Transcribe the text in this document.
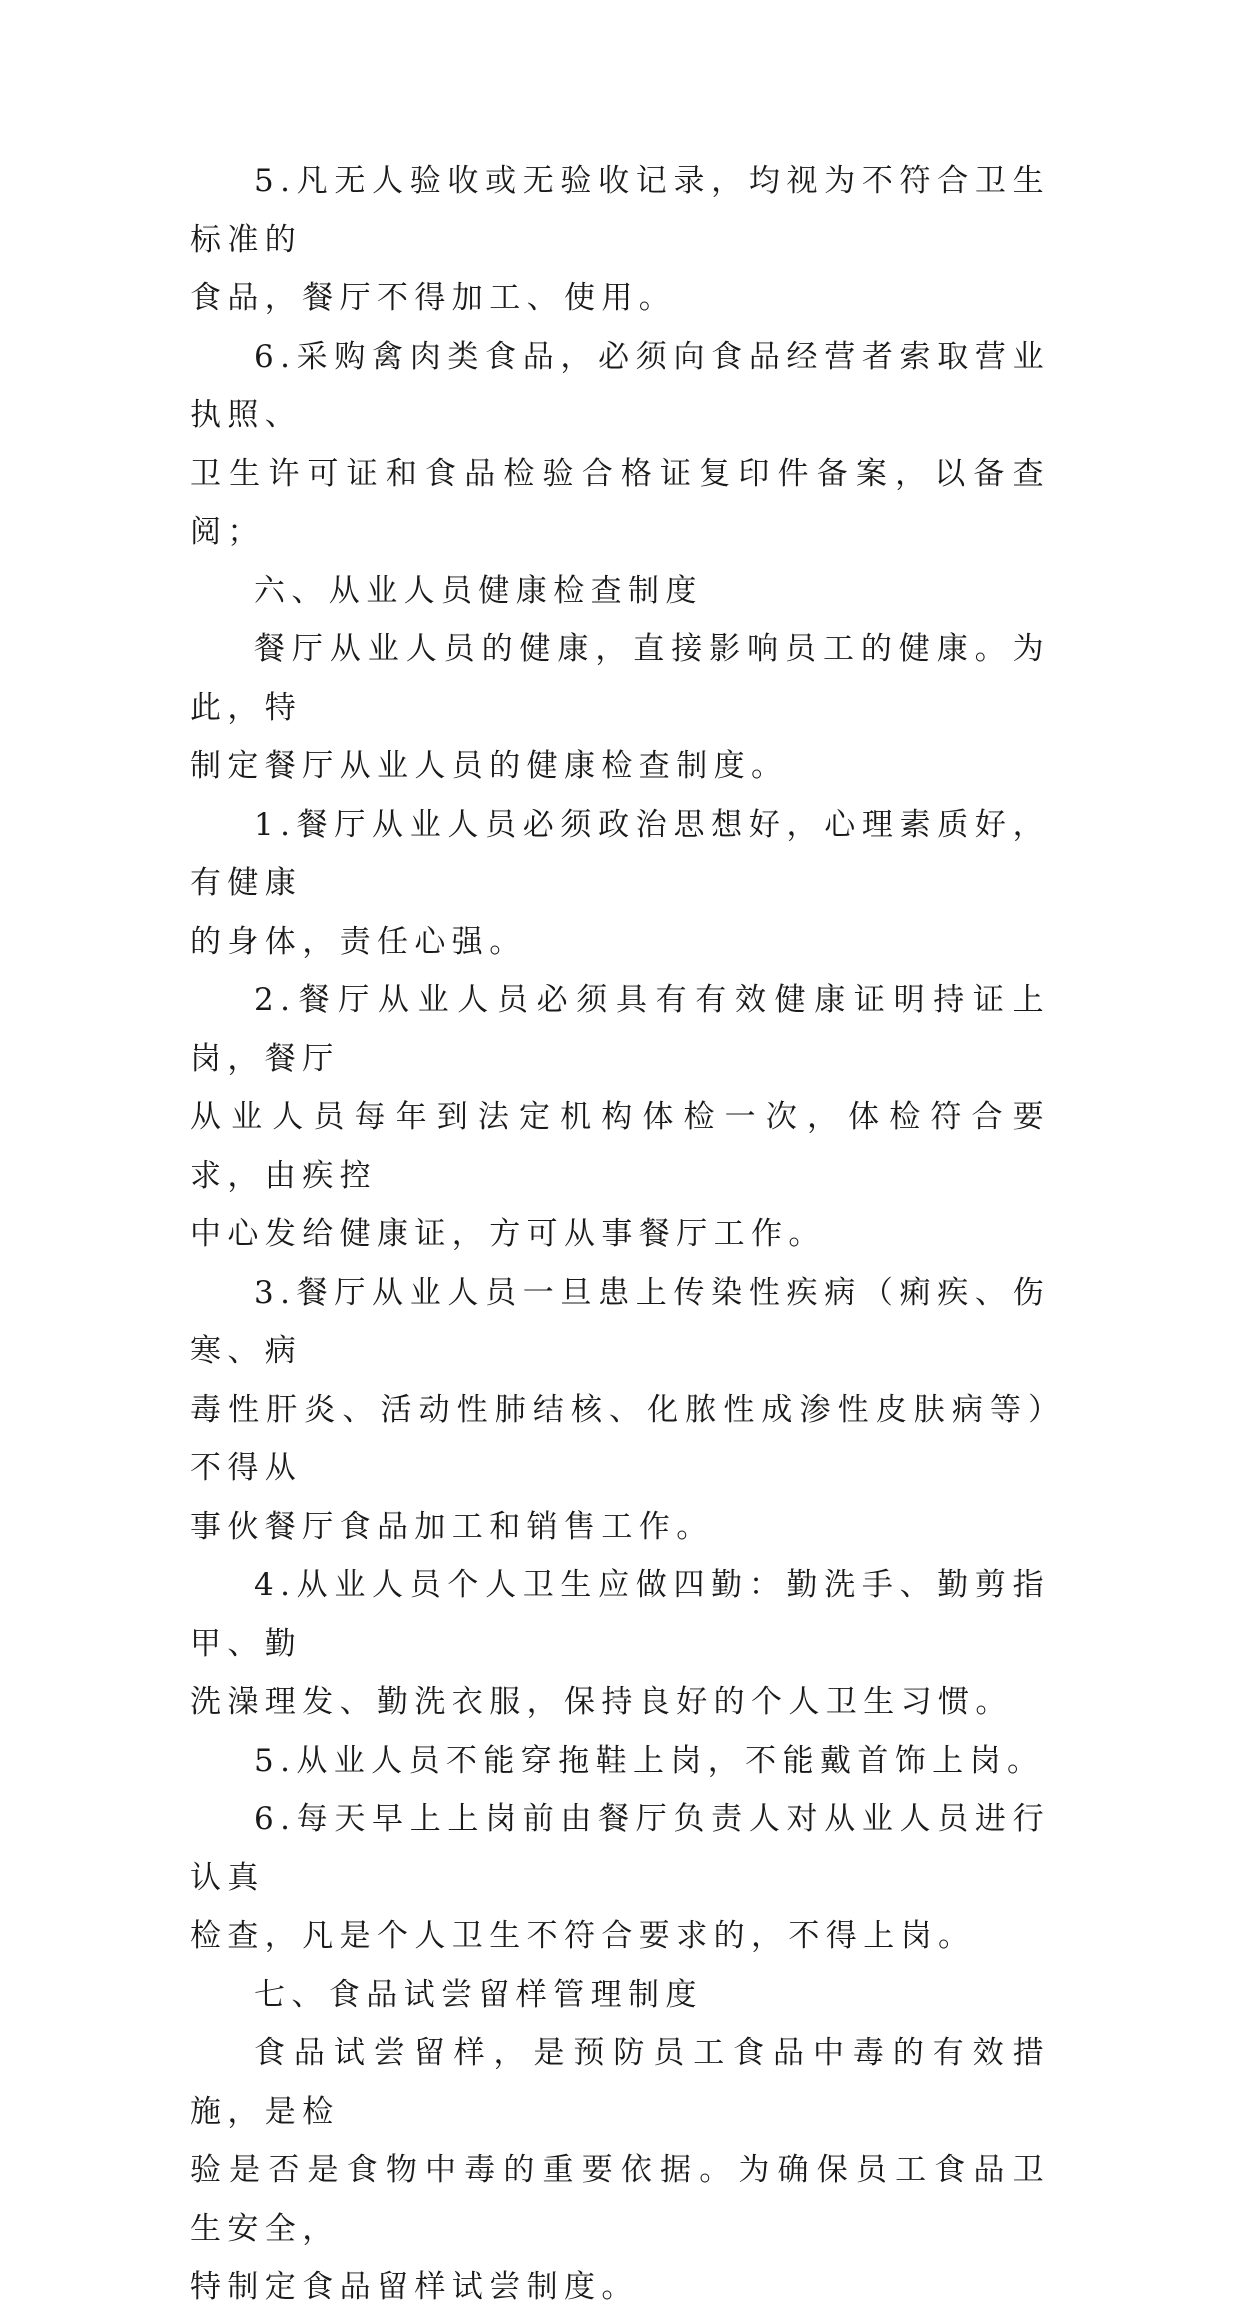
5.凡无人验收或无验收记录，均视为不符合卫生标准的
食品，餐厅不得加工、使用。

6.采购禽肉类食品，必须向食品经营者索取营业执照、
卫生许可证和食品检验合格证复印件备案，以备查阅；

六、从业人员健康检查制度

餐厅从业人员的健康，直接影响员工的健康。为此，特
制定餐厅从业人员的健康检查制度。

1.餐厅从业人员必须政治思想好，心理素质好，有健康
的身体，责任心强。

2.餐厅从业人员必须具有有效健康证明持证上岗，餐厅
从业人员每年到法定机构体检一次，体检符合要求，由疾控
中心发给健康证，方可从事餐厅工作。

3.餐厅从业人员一旦患上传染性疾病（痢疾、伤寒、病
毒性肝炎、活动性肺结核、化脓性成渗性皮肤病等）不得从
事伙餐厅食品加工和销售工作。

4.从业人员个人卫生应做四勤：勤洗手、勤剪指甲、勤
洗澡理发、勤洗衣服，保持良好的个人卫生习惯。

5.从业人员不能穿拖鞋上岗，不能戴首饰上岗。

6.每天早上上岗前由餐厅负责人对从业人员进行认真
检查，凡是个人卫生不符合要求的，不得上岗。

七、食品试尝留样管理制度

食品试尝留样，是预防员工食品中毒的有效措施，是检
验是否是食物中毒的重要依据。为确保员工食品卫生安全，
特制定食品留样试尝制度。
